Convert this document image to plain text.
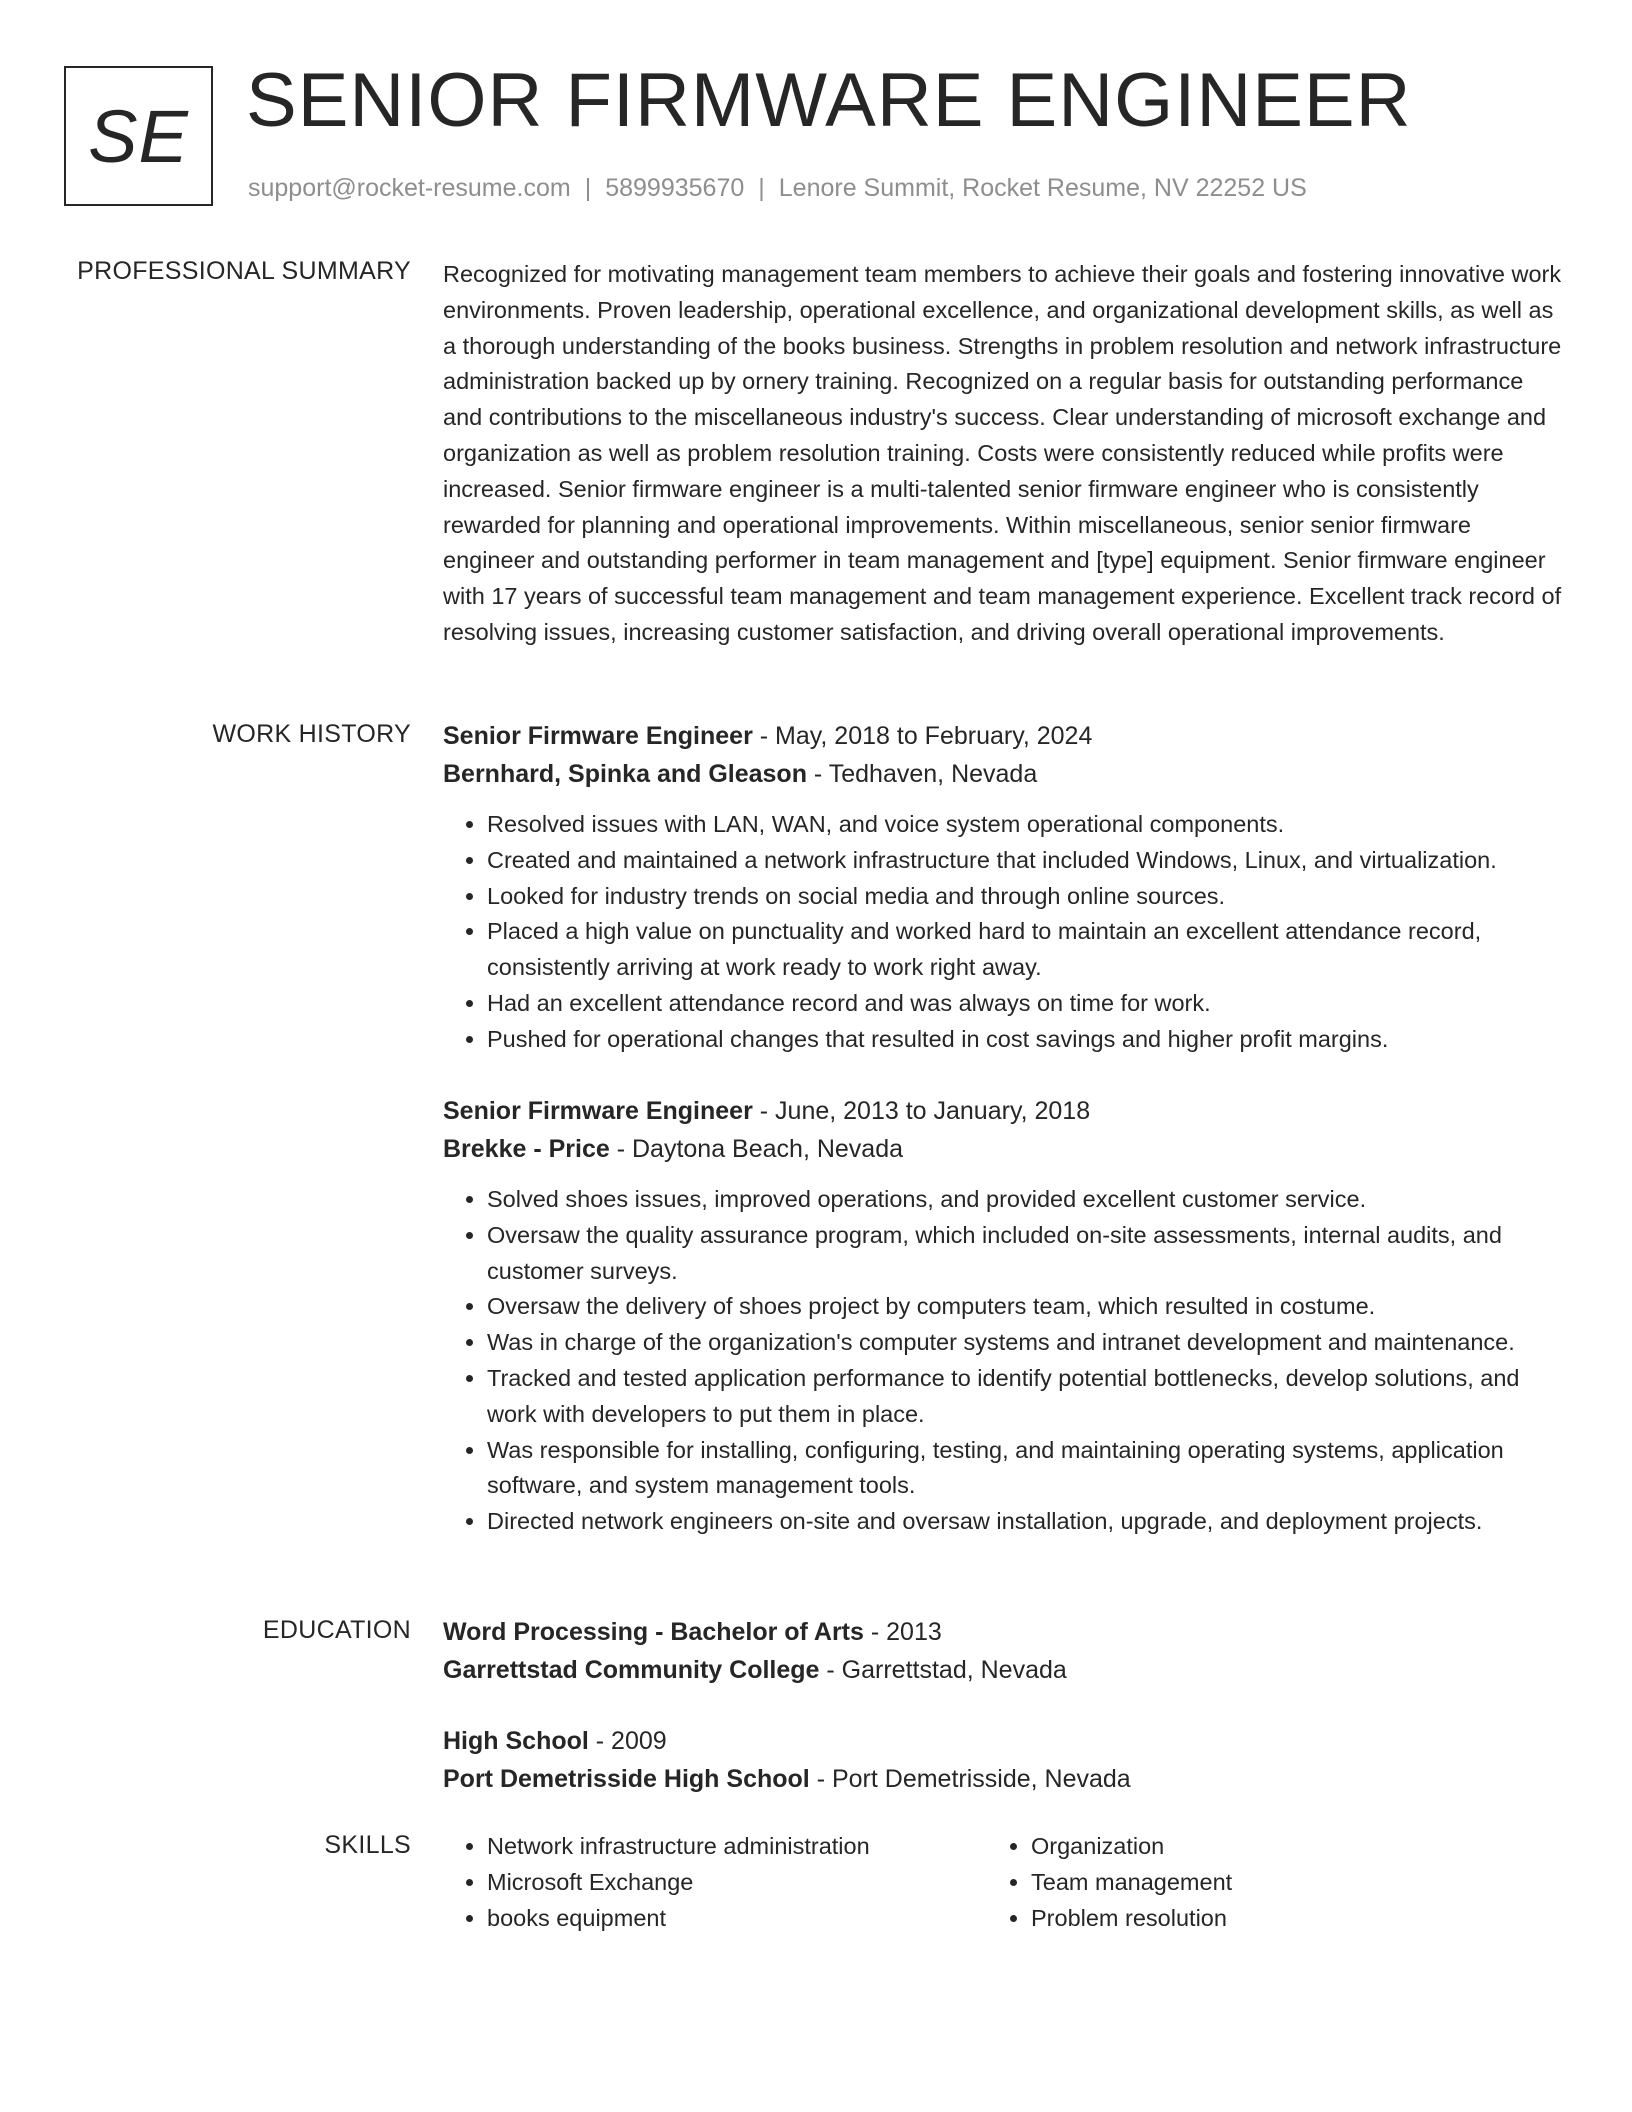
SE SENIOR FIRMWARE ENGINEER
support@rocket-resume.com | 5899935670 | Lenore Summit, Rocket Resume, NV 22252 US
PROFESSIONAL SUMMARY Recognized for motivating management team members to achieve their goals and fostering innovative work environments. Proven leadership, operational excellence, and organizational development skills, as well as a thorough understanding of the books business. Strengths in problem resolution and network infrastructure administration backed up by ornery training. Recognized on a regular basis for outstanding performance and contributions to the miscellaneous industry's success. Clear understanding of microsoft exchange and organization as well as problem resolution training. Costs were consistently reduced while profits were increased. Senior firmware engineer is a multi-talented senior firmware engineer who is consistently rewarded for planning and operational improvements. Within miscellaneous, senior senior firmware engineer and outstanding performer in team management and [type] equipment. Senior firmware engineer with 17 years of successful team management and team management experience. Excellent track record of resolving issues, increasing customer satisfaction, and driving overall operational improvements.
WORK HISTORY Senior Firmware Engineer - May, 2018 to February, 2024
Bernhard, Spinka and Gleason - Tedhaven, Nevada
• Resolved issues with LAN, WAN, and voice system operational components.
• Created and maintained a network infrastructure that included Windows, Linux, and virtualization.
• Looked for industry trends on social media and through online sources.
• Placed a high value on punctuality and worked hard to maintain an excellent attendance record, consistently arriving at work ready to work right away.
• Had an excellent attendance record and was always on time for work.
• Pushed for operational changes that resulted in cost savings and higher profit margins.
Senior Firmware Engineer - June, 2013 to January, 2018
Brekke - Price - Daytona Beach, Nevada
• Solved shoes issues, improved operations, and provided excellent customer service.
• Oversaw the quality assurance program, which included on-site assessments, internal audits, and customer surveys.
• Oversaw the delivery of shoes project by computers team, which resulted in costume.
• Was in charge of the organization's computer systems and intranet development and maintenance.
• Tracked and tested application performance to identify potential bottlenecks, develop solutions, and work with developers to put them in place.
• Was responsible for installing, configuring, testing, and maintaining operating systems, application software, and system management tools.
• Directed network engineers on-site and oversaw installation, upgrade, and deployment projects.
EDUCATION Word Processing - Bachelor of Arts - 2013
Garrettstad Community College - Garrettstad, Nevada
High School - 2009
Port Demetrisside High School - Port Demetrisside, Nevada
SKILLS
•	Network infrastructure administration
• Microsoft Exchange
• books equipment
• Organization
• Team management
• Problem resolution
